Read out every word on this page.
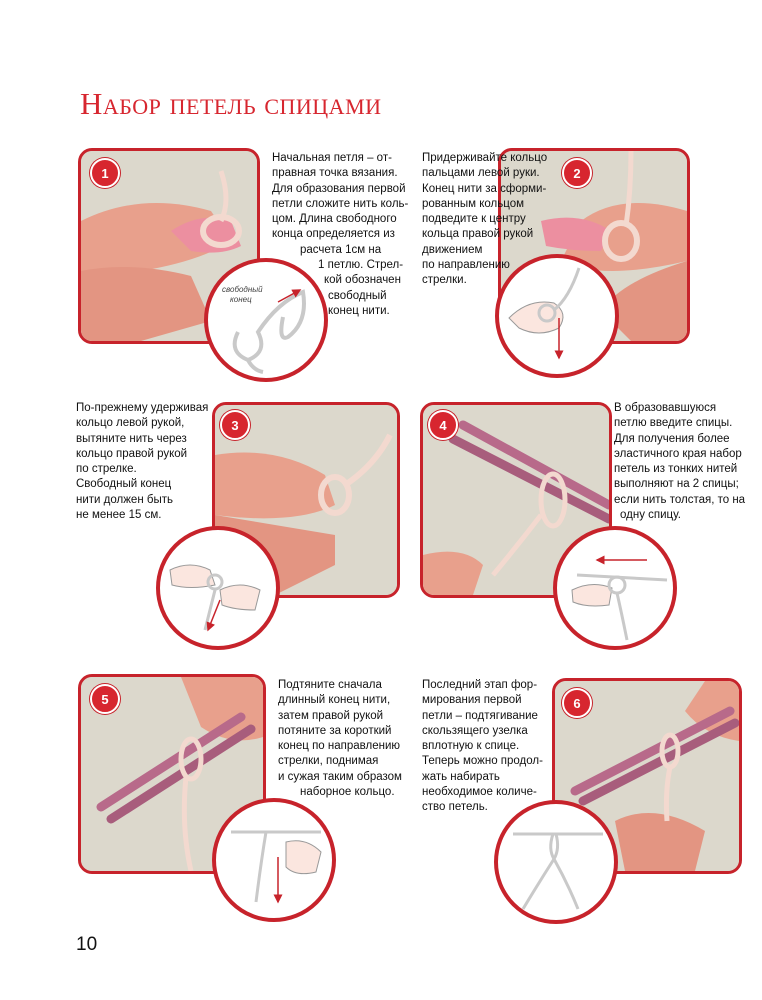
Набор петель спицами
1
свободный
конец
Начальная петля – от-
правная точка вязания.
Для образования первой
петли сложите нить коль-
цом. Длина свободного
конца определяется из
расчета 1см на
1 петлю. Стрел-
кой обозначен
свободный
конец нити.
2
Придерживайте кольцо
пальцами левой руки.
Конец нити за сформи-
рованным кольцом
подведите к центру
кольца правой рукой
движением
по направлению
стрелки.
3
По-прежнему удерживая
кольцо левой рукой,
вытяните нить через
кольцо правой рукой
по стрелке.
Свободный конец
нити должен быть
не менее 15 см.
4
В образовавшуюся
петлю введите спицы.
Для получения более
эластичного края набор
петель из тонких нитей
выполняют на 2 спицы;
если нить толстая, то на
одну спицу.
5
Подтяните сначала
длинный конец нити,
затем правой рукой
потяните за короткий
конец по направлению
стрелки, поднимая
и сужая таким образом
наборное кольцо.
6
Последний этап фор-
мирования первой
петли – подтягивание
скользящего узелка
вплотную к спице.
Теперь можно продол-
жать набирать
необходимое количе-
ство петель.
10
